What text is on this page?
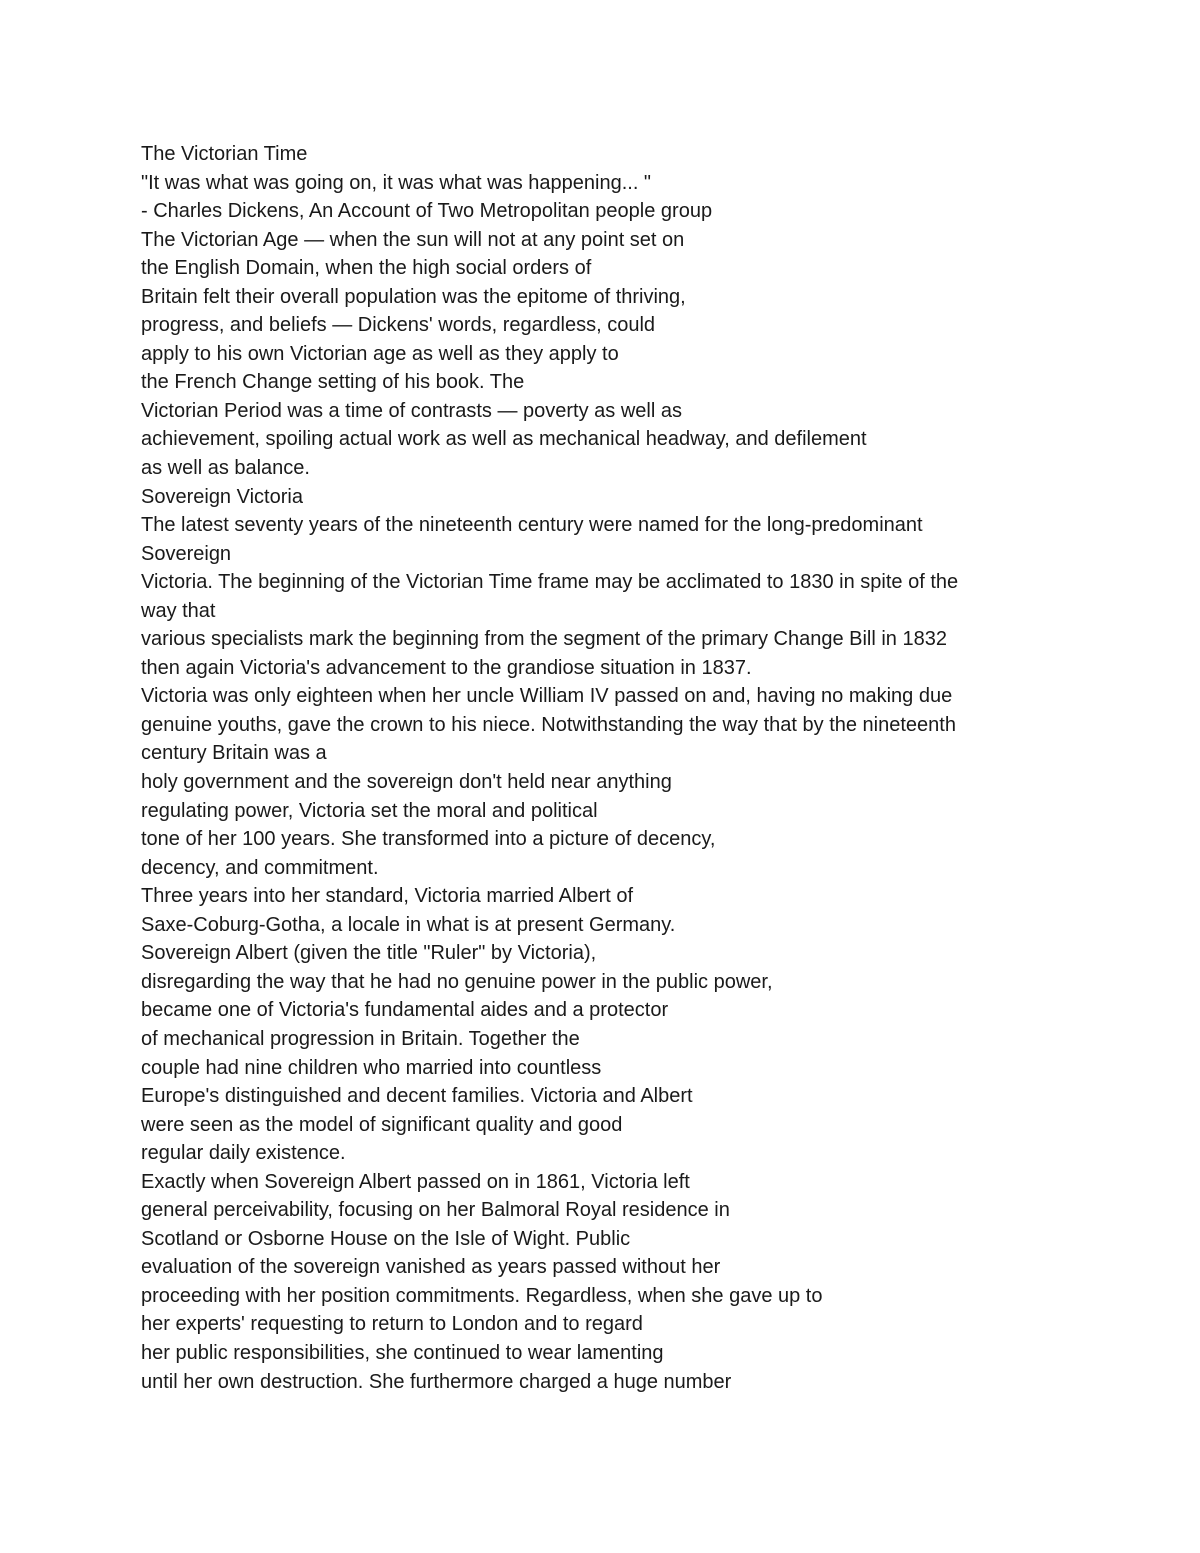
The Victorian Time
"It was what was going on, it was what was happening... "
- Charles Dickens, An Account of Two Metropolitan people group
The Victorian Age — when the sun will not at any point set on
the English Domain, when the high social orders of
Britain felt their overall population was the epitome of thriving,
progress, and beliefs — Dickens' words, regardless, could
apply to his own Victorian age as well as they apply to
the French Change setting of his book. The
Victorian Period was a time of contrasts — poverty as well as
achievement, spoiling actual work as well as mechanical headway, and defilement
as well as balance.
Sovereign Victoria
The latest seventy years of the nineteenth century were named for the long-predominant
Sovereign
Victoria. The beginning of the Victorian Time frame may be acclimated to 1830 in spite of the
way that
various specialists mark the beginning from the segment of the primary Change Bill in 1832
then again Victoria's advancement to the grandiose situation in 1837.
Victoria was only eighteen when her uncle William IV passed on and, having no making due
genuine youths, gave the crown to his niece. Notwithstanding the way that by the nineteenth
century Britain was a
holy government and the sovereign don't held near anything
regulating power, Victoria set the moral and political
tone of her 100 years. She transformed into a picture of decency,
decency, and commitment.
Three years into her standard, Victoria married Albert of
Saxe-Coburg-Gotha, a locale in what is at present Germany.
Sovereign Albert (given the title "Ruler" by Victoria),
disregarding the way that he had no genuine power in the public power,
became one of Victoria's fundamental aides and a protector
of mechanical progression in Britain. Together the
couple had nine children who married into countless
Europe's distinguished and decent families. Victoria and Albert
were seen as the model of significant quality and good
regular daily existence.
Exactly when Sovereign Albert passed on in 1861, Victoria left
general perceivability, focusing on her Balmoral Royal residence in
Scotland or Osborne House on the Isle of Wight. Public
evaluation of the sovereign vanished as years passed without her
proceeding with her position commitments. Regardless, when she gave up to
her experts' requesting to return to London and to regard
her public responsibilities, she continued to wear lamenting
until her own destruction. She furthermore charged a huge number
